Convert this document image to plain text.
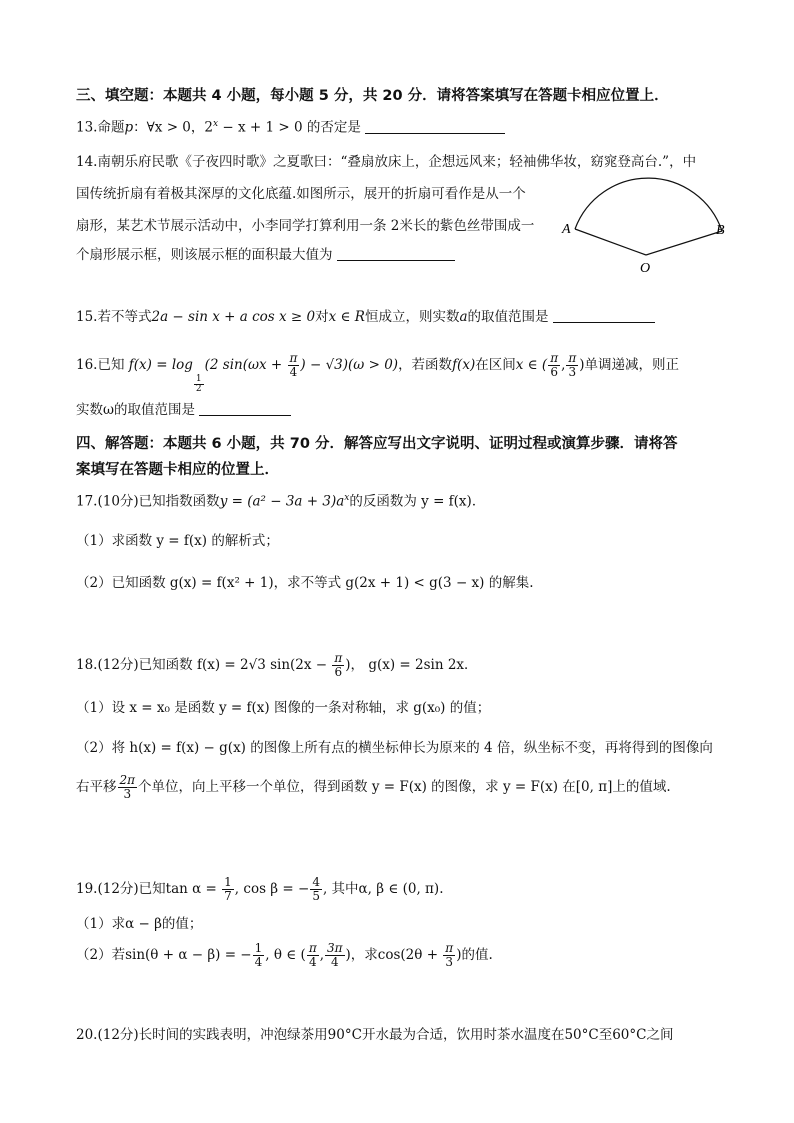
三、填空题：本题共 4 小题，每小题 5 分，共 20 分．请将答案填写在答题卡相应位置上．
13.命题p：∀x > 0，$2^x - x + 1 > 0$ 的否定是
14.南朝乐府民歌《子夜四时歌》之夏歌曰：“叠扇放床上，企想远风来；轻袖佛华妆，窈窕登高台.”，中
国传统折扇有着极其深厚的文化底蕴.如图所示，展开的折扇可看作是从一个
扇形，某艺术节展示活动中，小李同学打算利用一条 2米长的紫色丝带围成一
个扇形展示框，则该展示框的面积最大值为
A	B
O
15.若不等式2a − sin x + a cos x ≥ 0对x ∈ R恒成立，则实数a的取值范围是
16.已知 f(x) = log
$\frac{1}{2}$
(2 $\sin(\omega x + \frac{\pi}{4}$ ) − √3)(ω > 0)，若函数f(x)在区间x ∈ ( $\frac{\pi}{6}$ , $\frac{\pi}{3}$ )单调递减，则正
实数ω的取值范围是
四、解答题：本题共 6 小题，共 70 分．解答应写出文字说明、证明过程或演算步骤．请将答
案填写在答题卡相应的位置上．
17.(10分)已知指数函数$y = (a^2 - 3a + 3)a^x$的反函数为 y = f(x)．
（1）求函数 y = f(x) 的解析式；
（2）已知函数 g(x) = f(x² + 1)，求不等式 g(2x + 1) < g(3 − x) 的解集.
18.(12分)已知函数 f(x) = 2√3 $\sin(2x - \frac{\pi}{6}$ )， g(x) = 2sin 2x．
（1）设 x = x₀ 是函数 y = f(x) 图像的一条对称轴，求 g(x₀) 的值；
（2）将 h(x) = f(x) − g(x) 的图像上所有点的横坐标伸长为原来的 4 倍，纵坐标不变，再将得到的图像向
右平移 $\frac{2\pi}{3}$ 个单位，向上平移一个单位，得到函数 y = F(x) 的图像，求 y = F(x) 在[0, π]上的值域.
19.(12分)已知$\tan \alpha = \frac{1}{7}$ , cos β = − $\frac{4}{5}$ , 其中α, β ∈ (0, π).
（1）求α − β的值；
（2）若sin(θ + α − β) = − $\frac{1}{4}$ , θ ∈ ( $\frac{\pi}{4}$ , $\frac{3\pi}{4}$ )，求$\cos(2\theta + \frac{\pi}{3}$ )的值.
20.(12分)长时间的实践表明，冲泡绿茶用90°C开水最为合适，饮用时茶水温度在50°C至60°C之间
